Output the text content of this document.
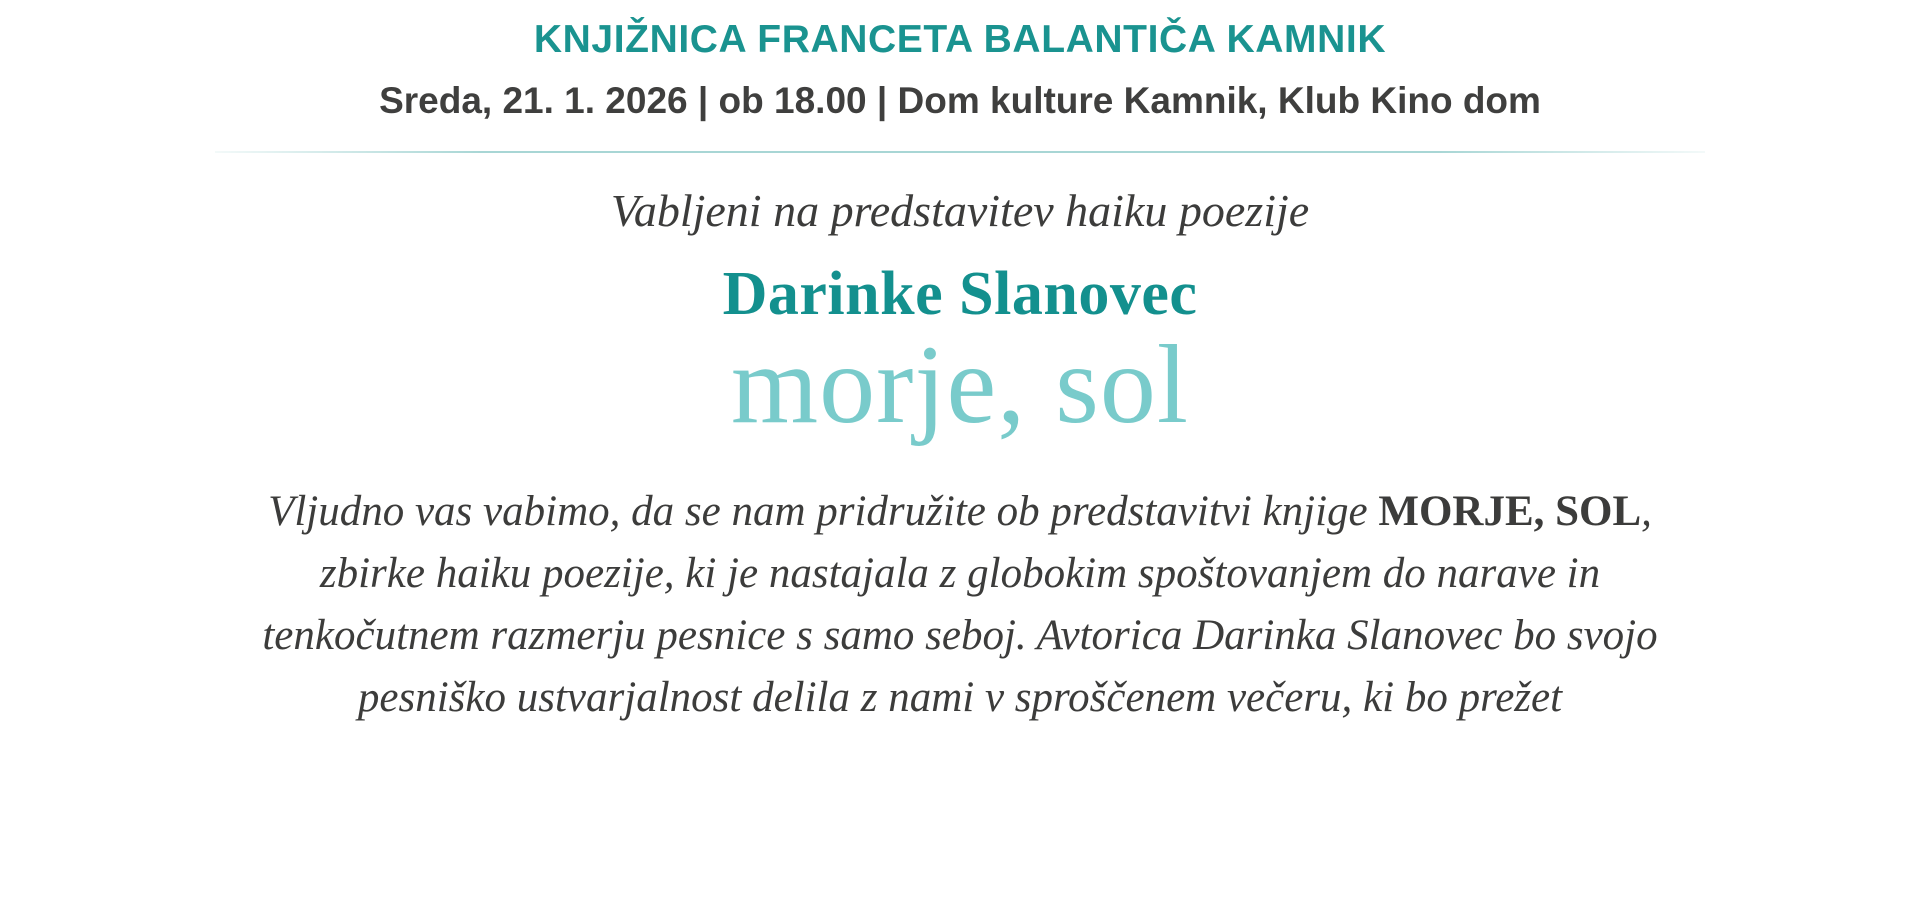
KNJIŽNICA FRANCETA BALANTIČA KAMNIK
Sreda, 21. 1. 2026 | ob 18.00 | Dom kulture Kamnik, Klub Kino dom
Vabljeni na predstavitev haiku poezije
Darinke Slanovec
morje, sol
Vljudno vas vabimo, da se nam pridružite ob predstavitvi knjige MORJE, SOL, zbirke haiku poezije, ki je nastajala z globokim spoštovanjem do narave in tenkočutnem razmerju pesnice s samo seboj. Avtorica Darinka Slanovec bo svojo pesniško ustvarjalnost delila z nami v sproščenem večeru, ki bo prežet
